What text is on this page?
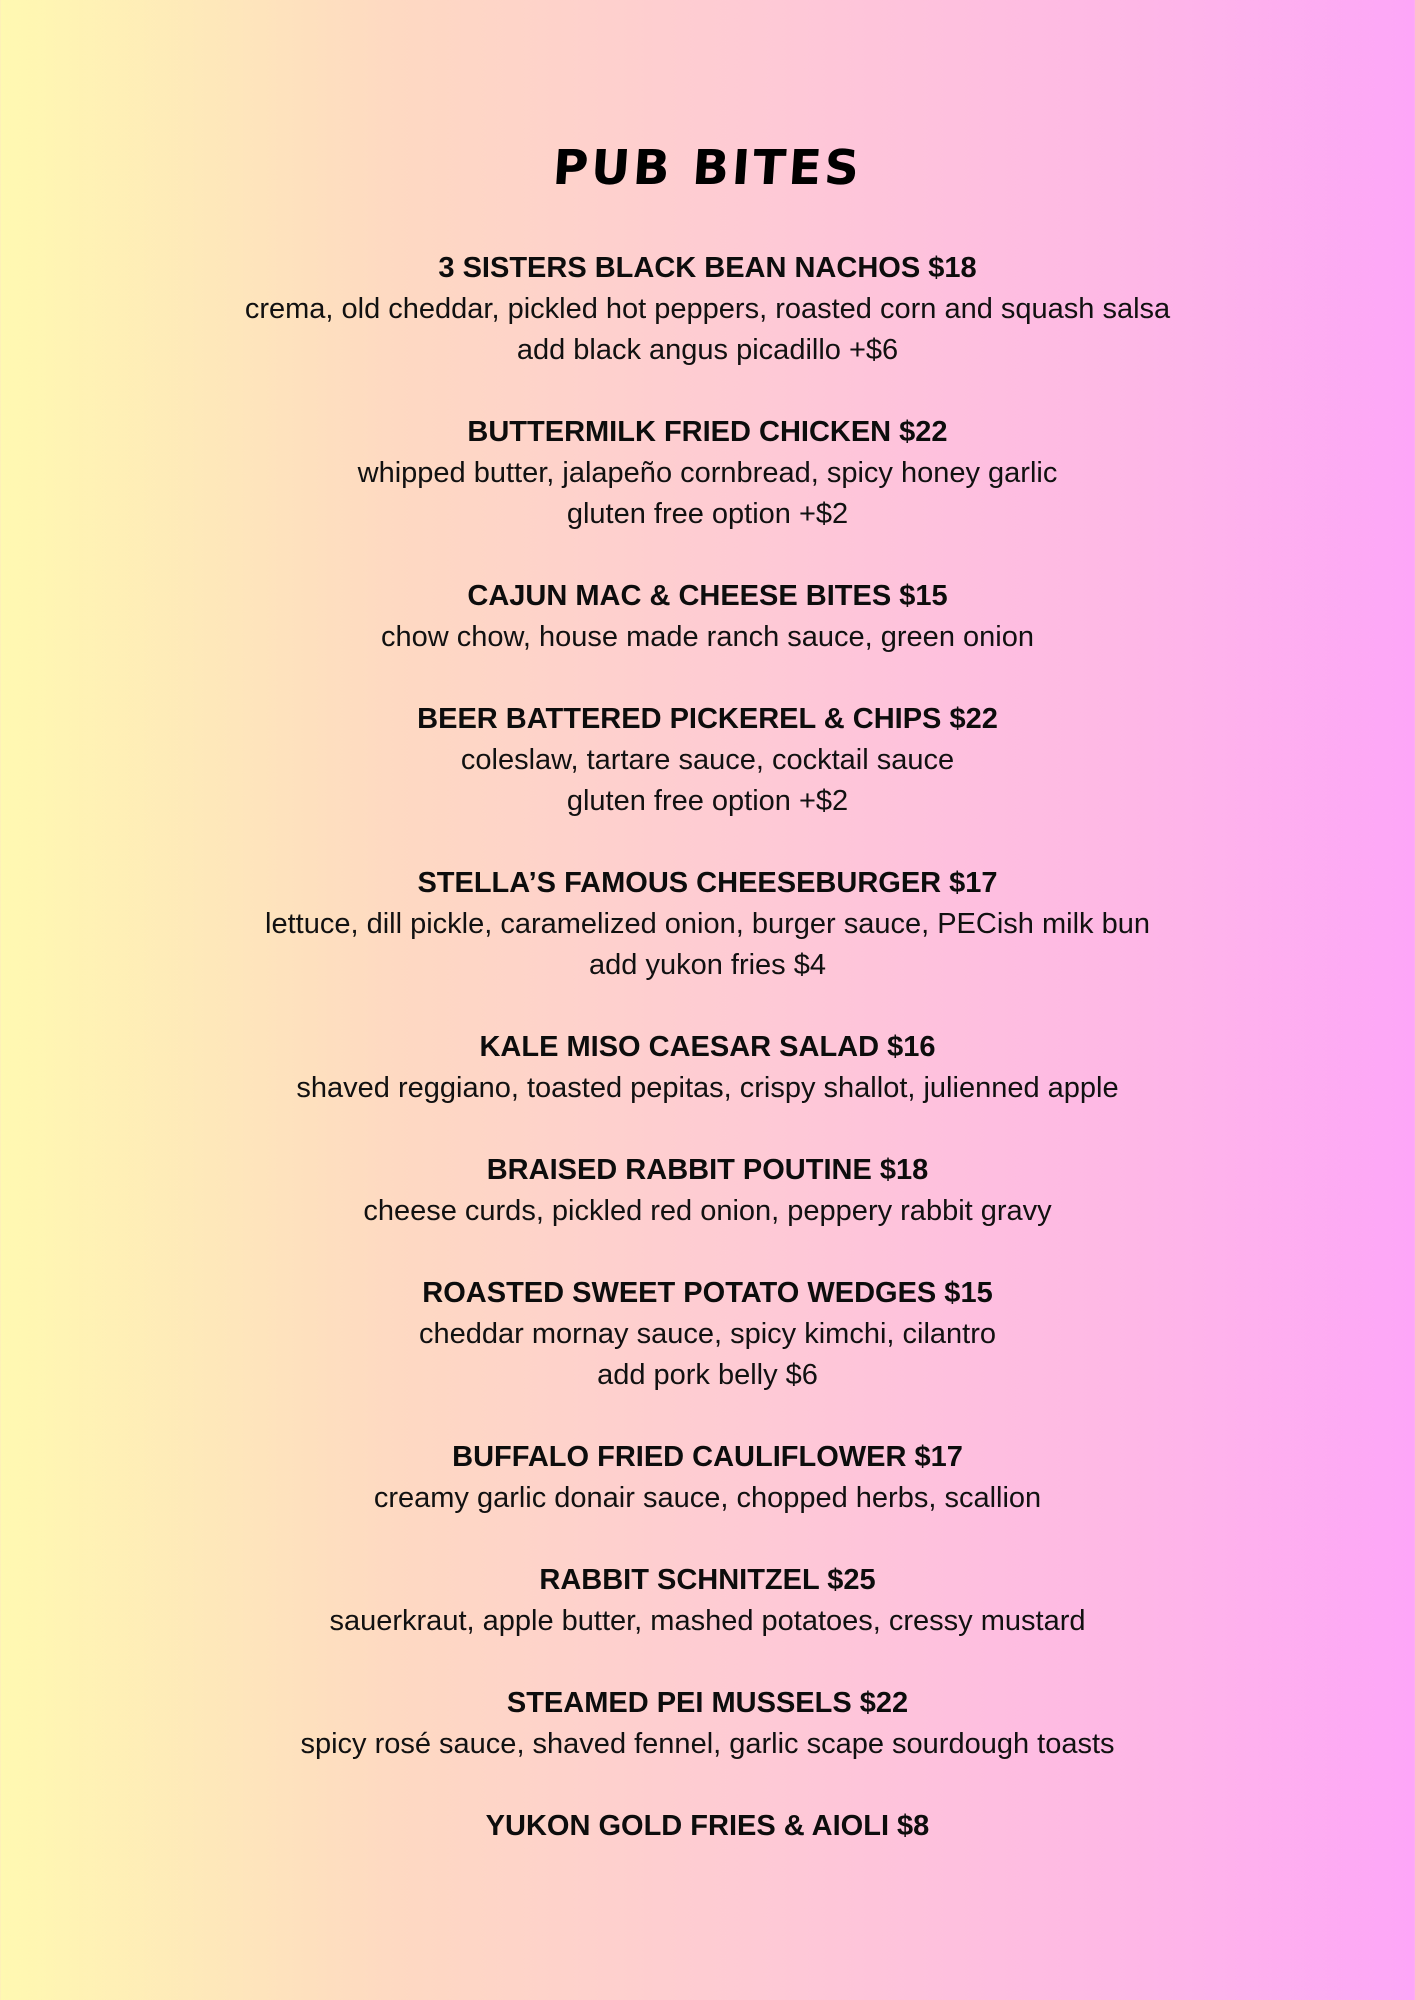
PUB BITES
3 SISTERS BLACK BEAN NACHOS $18
crema, old cheddar, pickled hot peppers, roasted corn and squash salsa
add black angus picadillo +$6
BUTTERMILK FRIED CHICKEN $22
whipped butter, jalapeño cornbread, spicy honey garlic
gluten free option +$2
CAJUN MAC & CHEESE BITES $15
chow chow, house made ranch sauce, green onion
BEER BATTERED PICKEREL & CHIPS $22
coleslaw, tartare sauce, cocktail sauce
gluten free option +$2
STELLA’S FAMOUS CHEESEBURGER $17
lettuce, dill pickle, caramelized onion, burger sauce, PECish milk bun
add yukon fries $4
KALE MISO CAESAR SALAD $16
shaved reggiano, toasted pepitas, crispy shallot, julienned apple
BRAISED RABBIT POUTINE $18
cheese curds, pickled red onion, peppery rabbit gravy
ROASTED SWEET POTATO WEDGES $15
cheddar mornay sauce, spicy kimchi, cilantro
add pork belly $6
BUFFALO FRIED CAULIFLOWER $17
creamy garlic donair sauce, chopped herbs, scallion
RABBIT SCHNITZEL $25
sauerkraut, apple butter, mashed potatoes, cressy mustard
STEAMED PEI MUSSELS $22
spicy rosé sauce, shaved fennel, garlic scape sourdough toasts
YUKON GOLD FRIES & AIOLI $8
